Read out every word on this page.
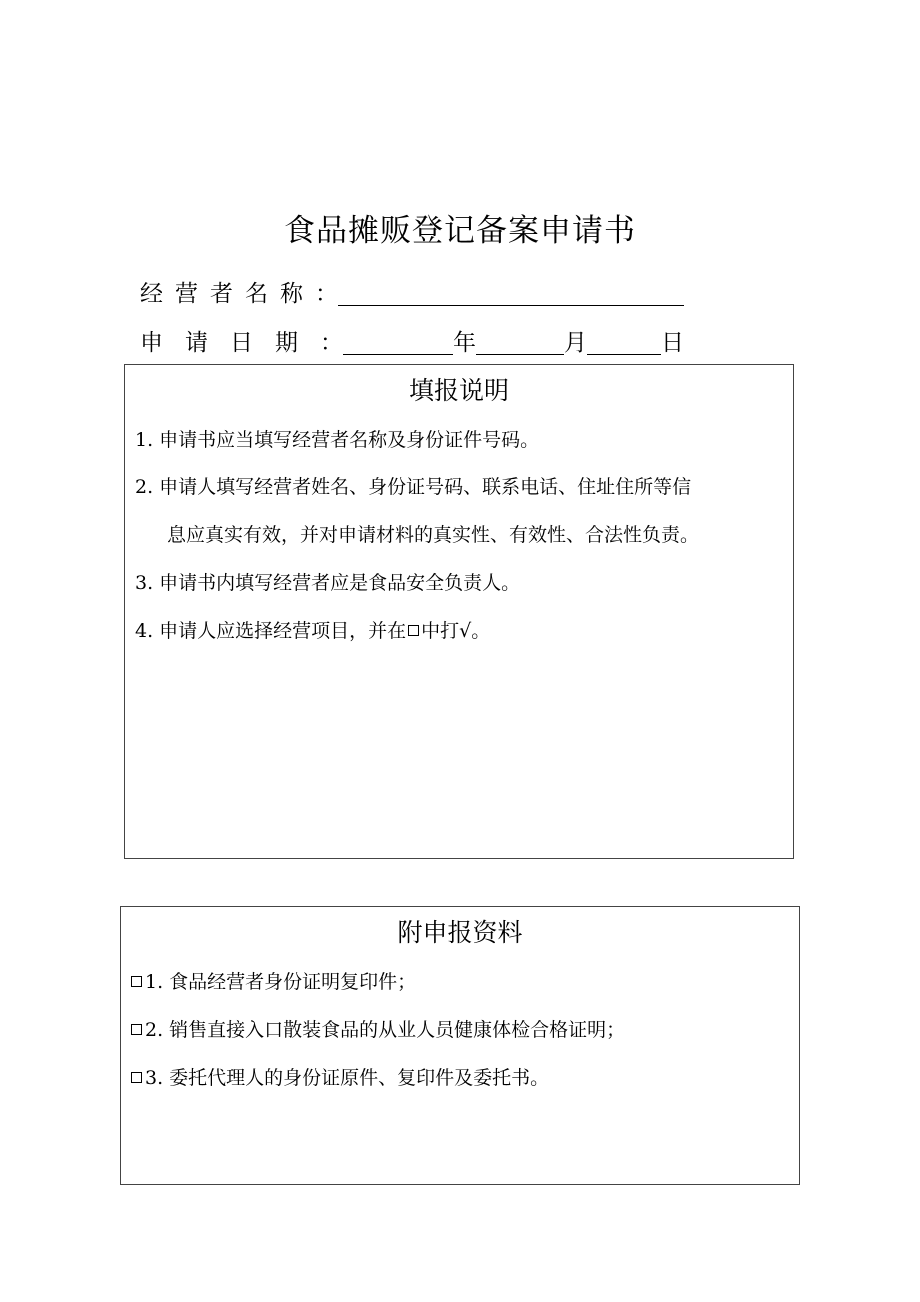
食品摊贩登记备案申请书
经营者名称 ：
申请日期 ：	年	月	日
填报说明
1. 申请书应当填写经营者名称及身份证件号码。
2. 申请人填写经营者姓名、身份证号码、联系电话、住址住所等信
息应真实有效，并对申请材料的真实性、有效性、合法性负责。
3. 申请书内填写经营者应是食品安全负责人。
4. 申请人应选择经营项目，并在 中打√。
附申报资料
1. 食品经营者身份证明复印件；
2. 销售直接入口散装食品的从业人员健康体检合格证明；
3. 委托代理人的身份证原件、复印件及委托书。
